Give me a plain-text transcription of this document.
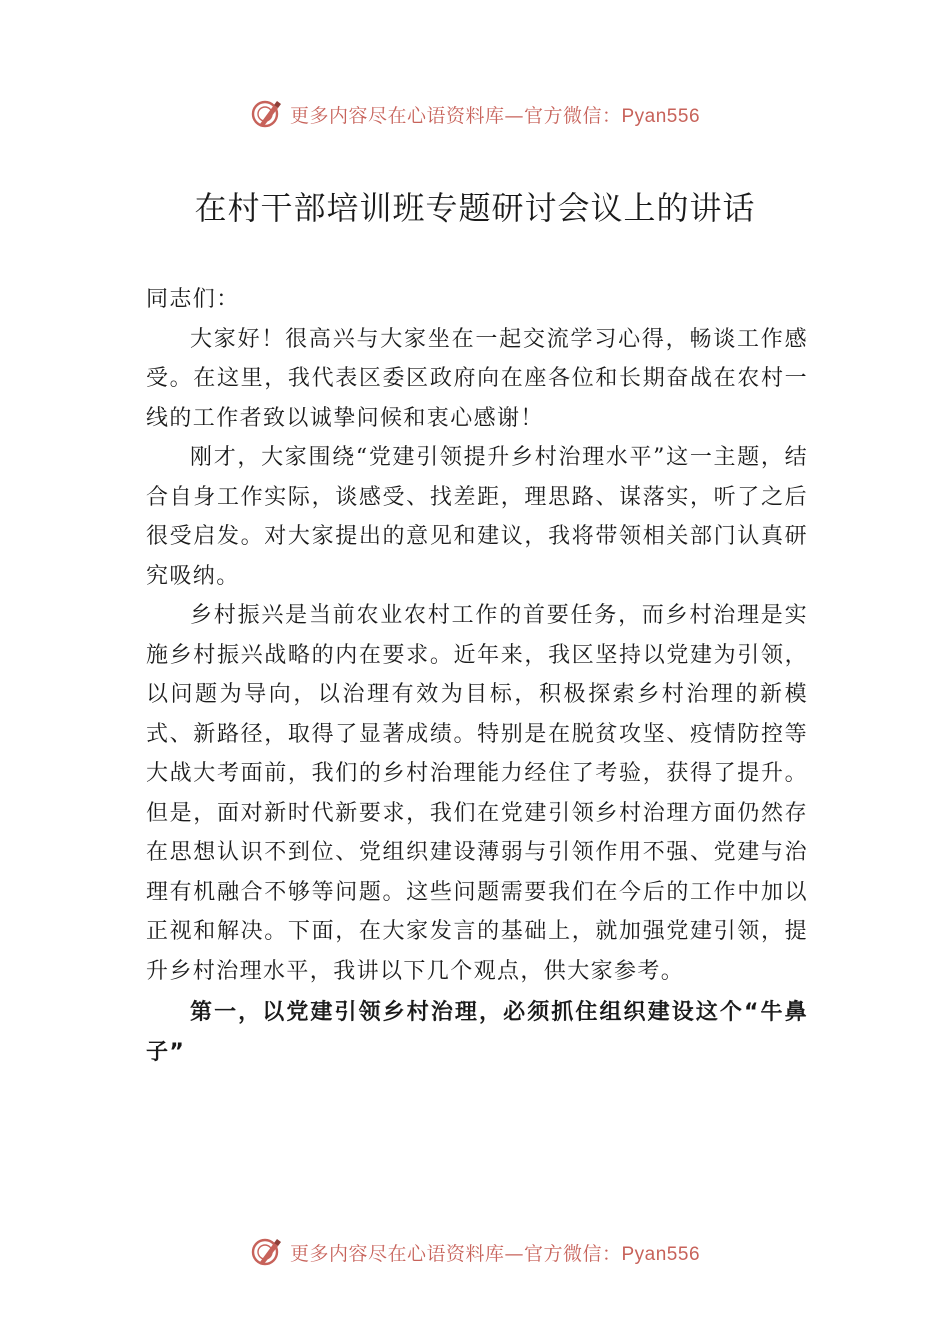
更多内容尽在心语资料库—官方微信：Pyan556
在村干部培训班专题研讨会议上的讲话

同志们：

大家好！很高兴与大家坐在一起交流学习心得，畅谈工作感受。在这里，我代表区委区政府向在座各位和长期奋战在农村一线的工作者致以诚挚问候和衷心感谢！

刚才，大家围绕“党建引领提升乡村治理水平”这一主题，结合自身工作实际，谈感受、找差距，理思路、谋落实，听了之后很受启发。对大家提出的意见和建议，我将带领相关部门认真研究吸纳。

乡村振兴是当前农业农村工作的首要任务，而乡村治理是实施乡村振兴战略的内在要求。近年来，我区坚持以党建为引领，以问题为导向，以治理有效为目标，积极探索乡村治理的新模式、新路径，取得了显著成绩。特别是在脱贫攻坚、疫情防控等大战大考面前，我们的乡村治理能力经住了考验，获得了提升。但是，面对新时代新要求，我们在党建引领乡村治理方面仍然存在思想认识不到位、党组织建设薄弱与引领作用不强、党建与治理有机融合不够等问题。这些问题需要我们在今后的工作中加以正视和解决。下面，在大家发言的基础上，就加强党建引领，提升乡村治理水平，我讲以下几个观点，供大家参考。

第一，以党建引领乡村治理，必须抓住组织建设这个“牛鼻子”

更多内容尽在心语资料库—官方微信：Pyan556
